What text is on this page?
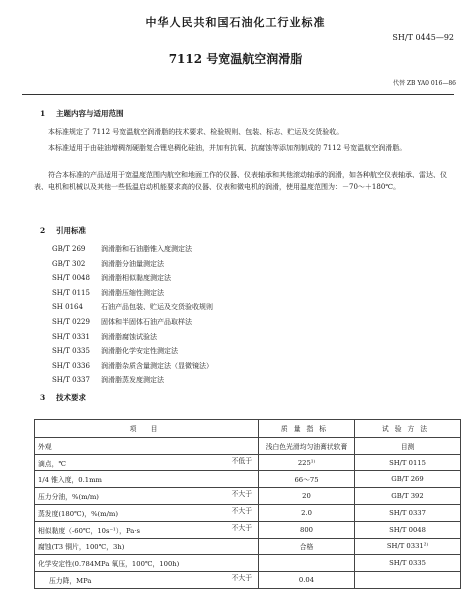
中华人民共和国石油化工行业标准
SH/T 0445—92
7112 号宽温航空润滑脂
代替 ZB YA0 016—86
1 主题内容与适用范围
本标准规定了 7112 号宽温航空润滑脂的技术要求、检验规则、包装、标志、贮运及交货验收。
本标准适用于由硅油增稠剂硬脂复合锂皂稠化硅油，并加有抗氧、抗腐蚀等添加剂制成的 7112 号宽温航空润滑脂。
符合本标准的产品适用于宽温度范围内航空和地面工作的仪器、仪表轴承和其他滚动轴承的润滑，如各种航空仪表轴承、雷达、仪表、电机和机械以及其他一些低温启动机能要求高的仪器、仪表和微电机的润滑，使用温度范围为：－70～＋180℃。
2 引用标准
GB/T 269 润滑脂和石油脂锥入度测定法
GB/T 302 润滑脂分油量测定法
SH/T 0048 润滑脂相似黏度测定法
SH/T 0115 润滑脂压缩性测定法
SH 0164	石油产品包装、贮运及交货验收规则
SH/T 0229 固体和半固体石油产品取样法
SH/T 0331 润滑脂腐蚀试验法
SH/T 0335 润滑脂化学安定性测定法
SH/T 0336 润滑脂杂质含量测定法（显微镜法）
SH/T 0337 润滑脂蒸发度测定法
3 技术要求
项 目	质量指标	试验方法
外观	浅白色光滑均匀油膏状软膏	目测
滴点，℃ 不低于	225¹⁾	SH/T 0115
1/4 锥入度，0.1mm	66～75	GB/T 269
压力分油，%(m/m) 不大于	20	GB/T 392
蒸发度(180℃)，%(m/m) 不大于	2.0	SH/T 0337
相似黏度（-60℃，10s⁻¹），Pa·s 不大于	800	SH/T 0048
腐蚀(T3 铜片，100℃，3h)	合格	SH/T 0331²⁾
化学安定性(0.784MPa 氧压，100℃，100h)		SH/T 0335
压力降，MPa 不大于	0.04	
